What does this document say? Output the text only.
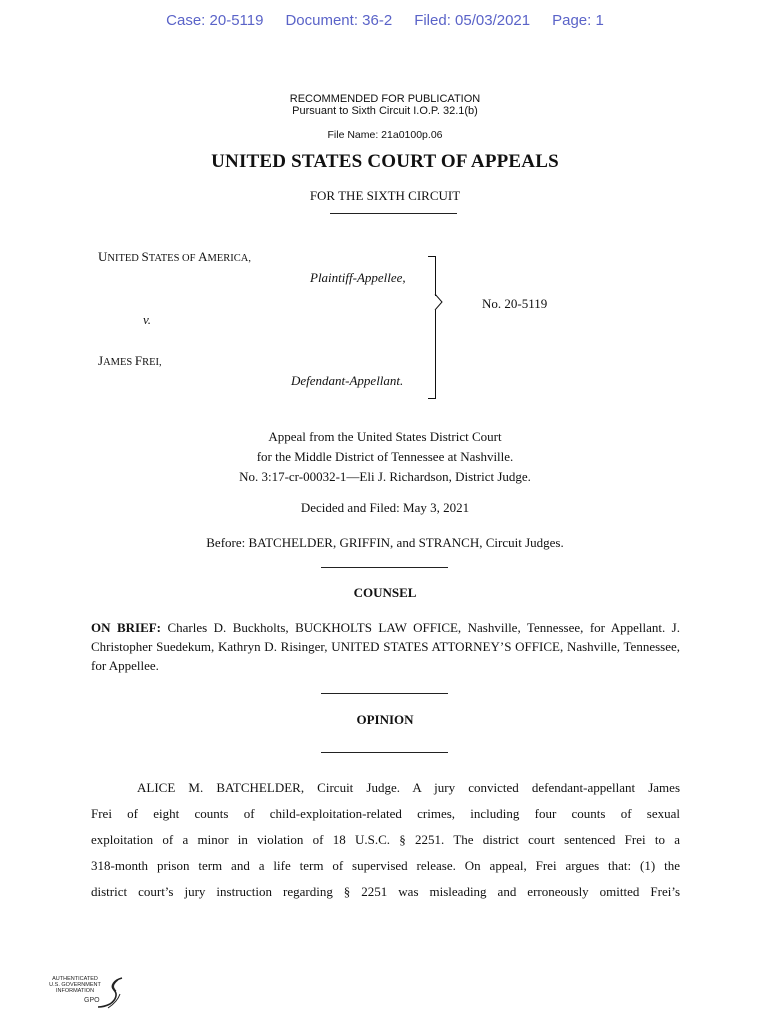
Case: 20-5119 Document: 36-2 Filed: 05/03/2021 Page: 1
RECOMMENDED FOR PUBLICATION
Pursuant to Sixth Circuit I.O.P. 32.1(b)
File Name: 21a0100p.06
UNITED STATES COURT OF APPEALS
FOR THE SIXTH CIRCUIT
UNITED STATES OF AMERICA,
Plaintiff-Appellee,
v.
JAMES FREI,
Defendant-Appellant.
No. 20-5119
Appeal from the United States District Court
for the Middle District of Tennessee at Nashville.
No. 3:17-cr-00032-1—Eli J. Richardson, District Judge.
Decided and Filed: May 3, 2021
Before: BATCHELDER, GRIFFIN, and STRANCH, Circuit Judges.
COUNSEL

ON BRIEF: Charles D. Buckholts, BUCKHOLTS LAW OFFICE, Nashville, Tennessee, for Appellant. J. Christopher Suedekum, Kathryn D. Risinger, UNITED STATES ATTORNEY’S OFFICE, Nashville, Tennessee, for Appellee.

OPINION
ALICE M. BATCHELDER, Circuit Judge. A jury convicted defendant-appellant James
Frei of eight counts of child-exploitation-related crimes, including four counts of sexual
exploitation of a minor in violation of 18 U.S.C. § 2251. The district court sentenced Frei to a
318-month prison term and a life term of supervised release. On appeal, Frei argues that: (1) the
district court’s jury instruction regarding § 2251 was misleading and erroneously omitted Frei’s
AUTHENTICATED
U.S. GOVERNMENT
INFORMATION
GPO
